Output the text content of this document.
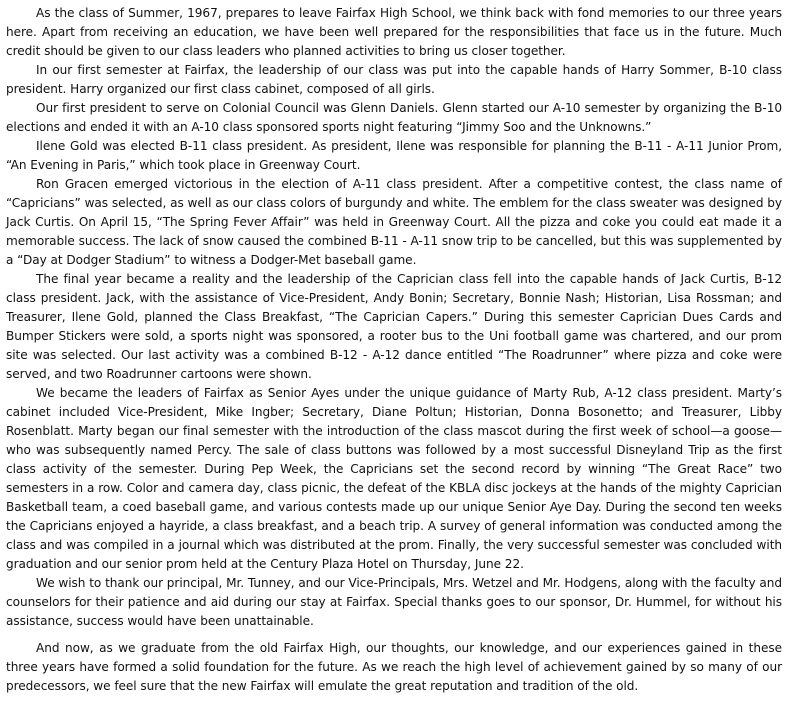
As the class of Summer, 1967, prepares to leave Fairfax High School, we think back with fond memories to our three years here. Apart from receiving an education, we have been well prepared for the responsibilities that face us in the future. Much credit should be given to our class leaders who planned activities to bring us closer together.

In our first semester at Fairfax, the leadership of our class was put into the capable hands of Harry Sommer, B-10 class president. Harry organized our first class cabinet, composed of all girls.

Our first president to serve on Colonial Council was Glenn Daniels. Glenn started our A-10 semester by organizing the B-10 elections and ended it with an A-10 class sponsored sports night featuring “Jimmy Soo and the Unknowns.”

Ilene Gold was elected B-11 class president. As president, Ilene was responsible for planning the B-11 - A-11 Junior Prom, “An Evening in Paris,” which took place in Greenway Court.

Ron Gracen emerged victorious in the election of A-11 class president. After a competitive contest, the class name of “Capricians” was selected, as well as our class colors of burgundy and white. The emblem for the class sweater was designed by Jack Curtis. On April 15, “The Spring Fever Affair” was held in Greenway Court. All the pizza and coke you could eat made it a memorable success. The lack of snow caused the combined B-11 - A-11 snow trip to be cancelled, but this was supplemented by a “Day at Dodger Stadium” to witness a Dodger-Met baseball game.

The final year became a reality and the leadership of the Caprician class fell into the capable hands of Jack Curtis, B-12 class president. Jack, with the assistance of Vice-President, Andy Bonin; Secretary, Bonnie Nash; Historian, Lisa Rossman; and Treasurer, Ilene Gold, planned the Class Breakfast, “The Caprician Capers.” During this semester Caprician Dues Cards and Bumper Stickers were sold, a sports night was sponsored, a rooter bus to the Uni football game was chartered, and our prom site was selected. Our last activity was a combined B-12 - A-12 dance entitled “The Roadrunner” where pizza and coke were served, and two Roadrunner cartoons were shown.

We became the leaders of Fairfax as Senior Ayes under the unique guidance of Marty Rub, A-12 class president. Marty’s cabinet included Vice-President, Mike Ingber; Secretary, Diane Poltun; Historian, Donna Bosonetto; and Treasurer, Libby Rosenblatt. Marty began our final semester with the introduction of the class mascot during the first week of school—a goose—who was subsequently named Percy. The sale of class buttons was followed by a most successful Disneyland Trip as the first class activity of the semester. During Pep Week, the Capricians set the second record by winning “The Great Race” two semesters in a row. Color and camera day, class picnic, the defeat of the KBLA disc jockeys at the hands of the mighty Caprician Basketball team, a coed baseball game, and various contests made up our unique Senior Aye Day. During the second ten weeks the Capricians enjoyed a hayride, a class breakfast, and a beach trip. A survey of general information was conducted among the class and was compiled in a journal which was distributed at the prom. Finally, the very successful semester was concluded with graduation and our senior prom held at the Century Plaza Hotel on Thursday, June 22.

We wish to thank our principal, Mr. Tunney, and our Vice-Principals, Mrs. Wetzel and Mr. Hodgens, along with the faculty and counselors for their patience and aid during our stay at Fairfax. Special thanks goes to our sponsor, Dr. Hummel, for without his assistance, success would have been unattainable.

And now, as we graduate from the old Fairfax High, our thoughts, our knowledge, and our experiences gained in these three years have formed a solid foundation for the future. As we reach the high level of achievement gained by so many of our predecessors, we feel sure that the new Fairfax will emulate the great reputation and tradition of the old.
